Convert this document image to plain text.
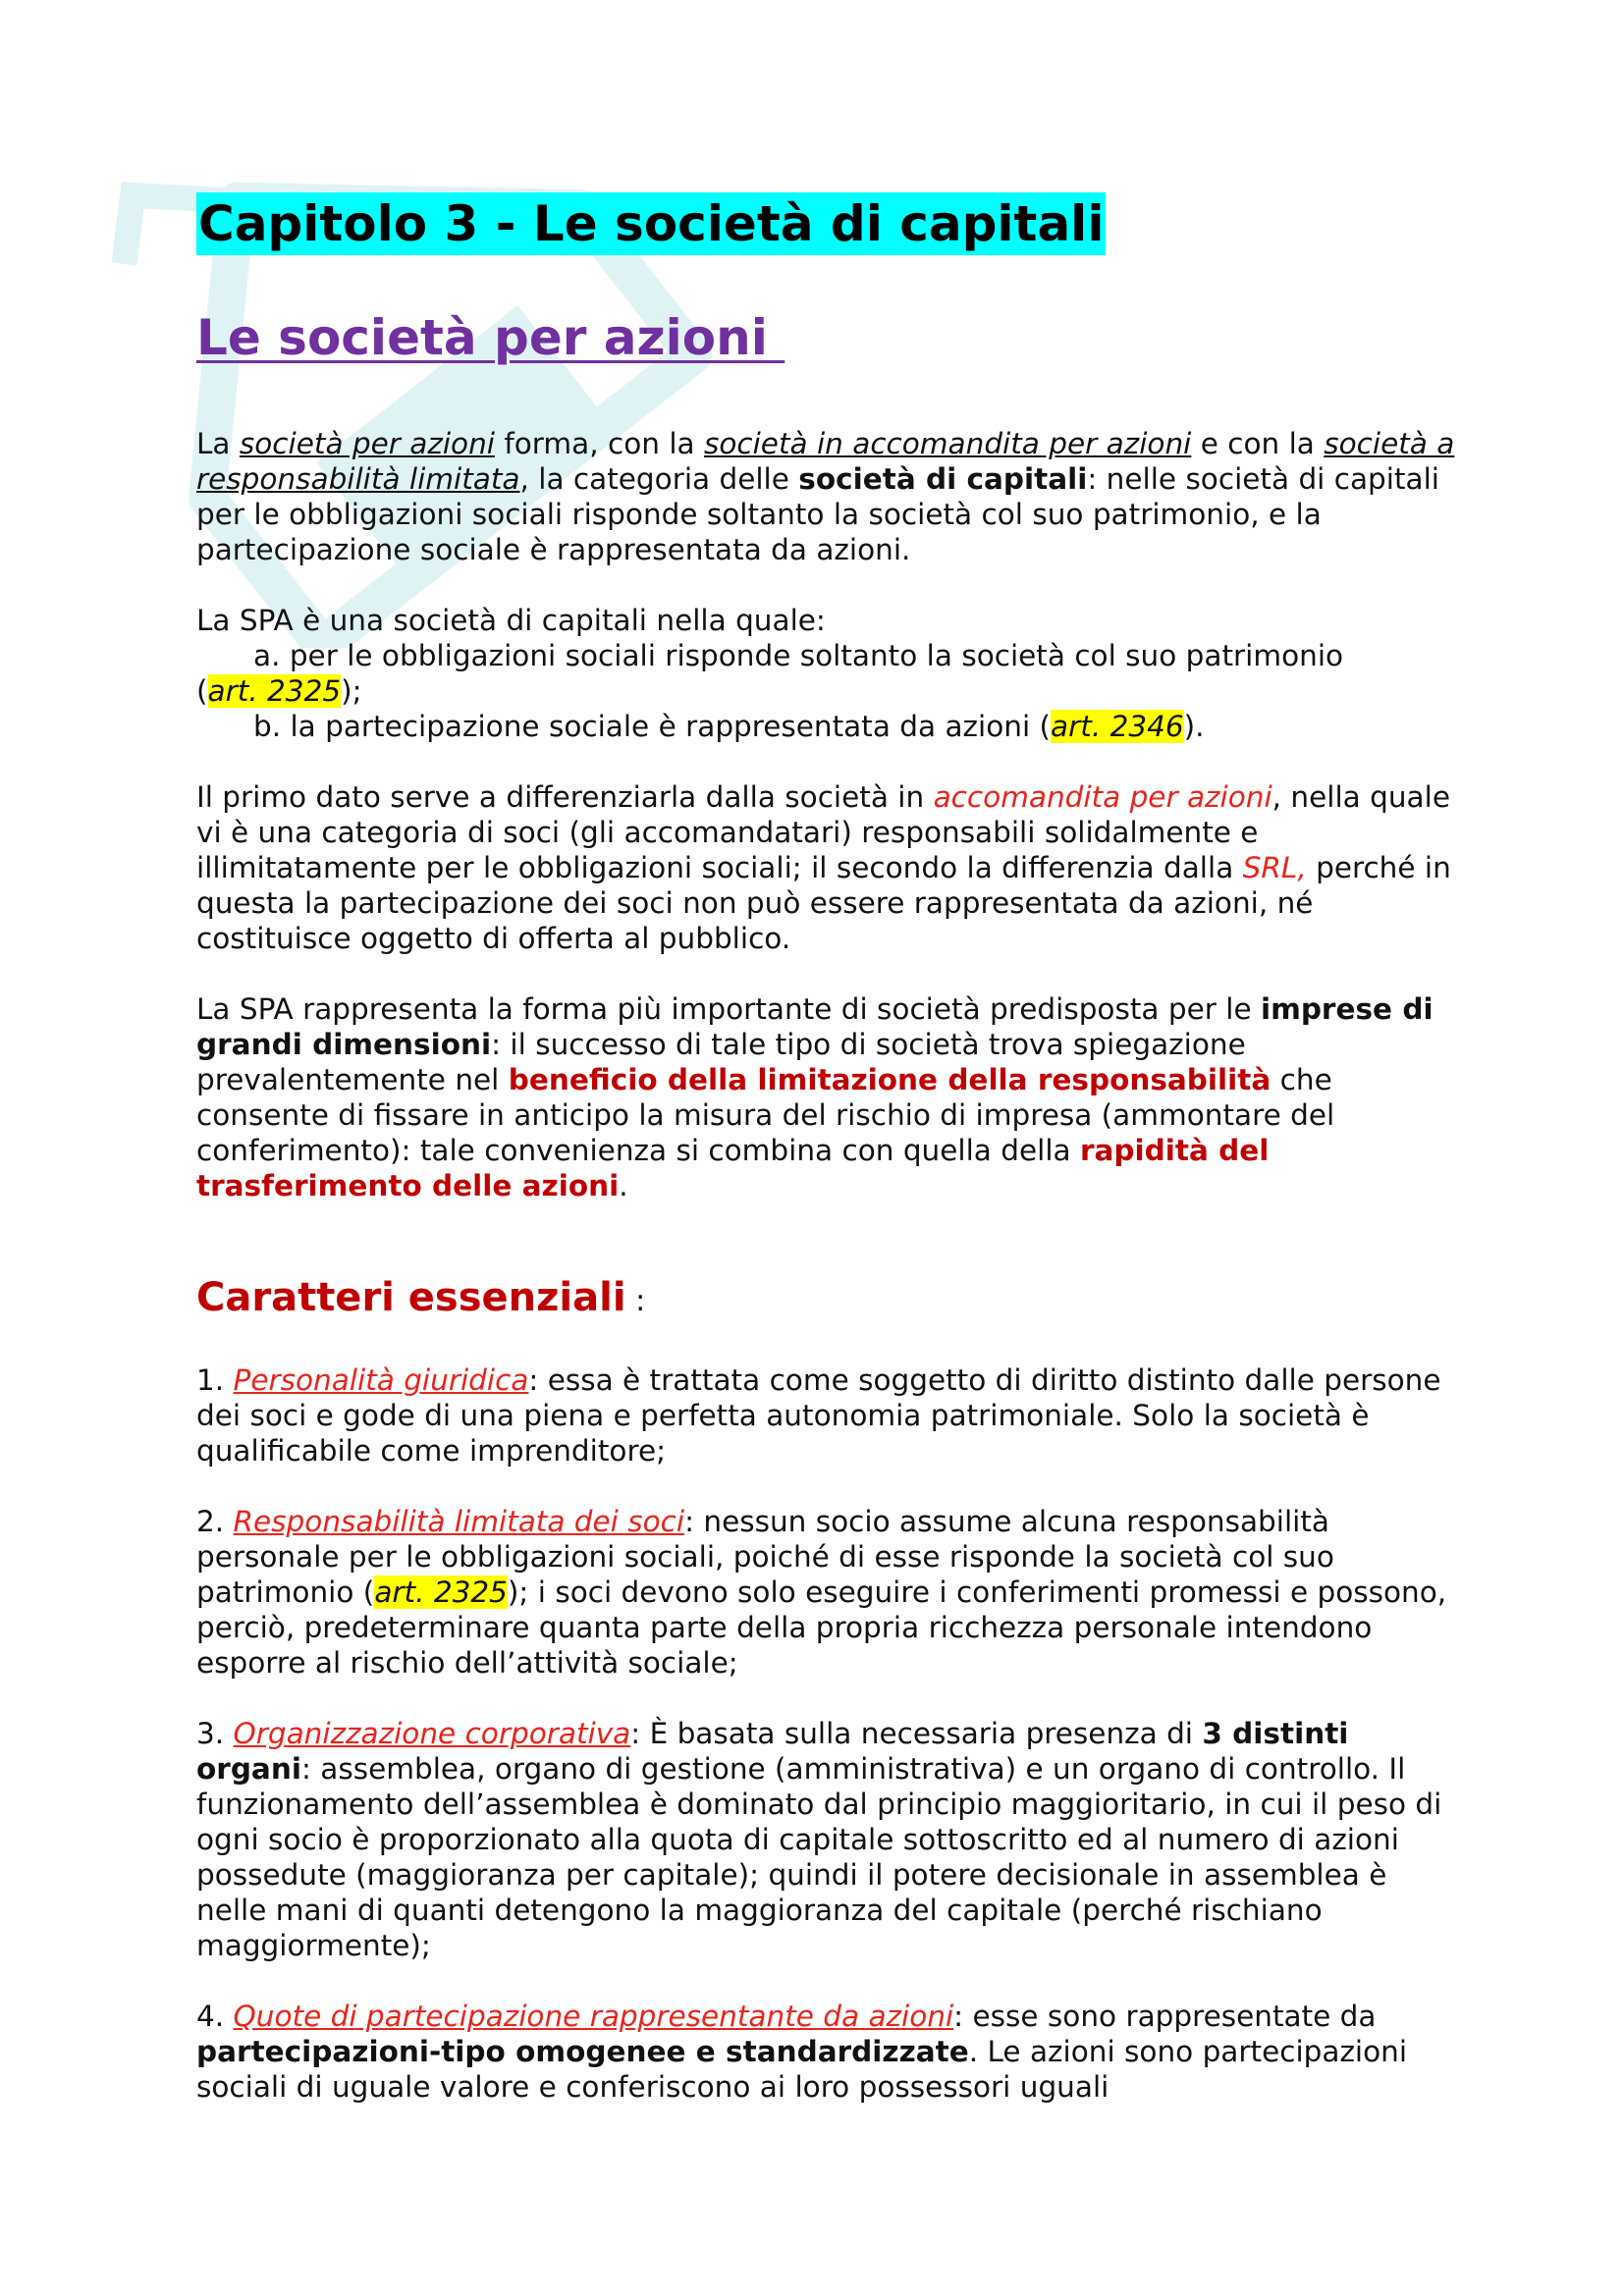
Capitolo 3 - Le società di capitali
Le società per azioni

La società per azioni forma, con la società in accomandita per azioni e con la società a responsabilità limitata, la categoria delle società di capitali: nelle società di capitali per le obbligazioni sociali risponde soltanto la società col suo patrimonio, e la partecipazione sociale è rappresentata da azioni.

La SPA è una società di capitali nella quale:
a. per le obbligazioni sociali risponde soltanto la società col suo patrimonio
(art. 2325);
b. la partecipazione sociale è rappresentata da azioni (art. 2346).

Il primo dato serve a differenziarla dalla società in accomandita per azioni, nella quale vi è una categoria di soci (gli accomandatari) responsabili solidalmente e illimitatamente per le obbligazioni sociali; il secondo la differenzia dalla SRL, perché in questa la partecipazione dei soci non può essere rappresentata da azioni, né costituisce oggetto di offerta al pubblico.

La SPA rappresenta la forma più importante di società predisposta per le imprese di grandi dimensioni: il successo di tale tipo di società trova spiegazione prevalentemente nel beneficio della limitazione della responsabilità che consente di fissare in anticipo la misura del rischio di impresa (ammontare del conferimento): tale convenienza si combina con quella della rapidità del trasferimento delle azioni.

Caratteri essenziali :

1. Personalità giuridica: essa è trattata come soggetto di diritto distinto dalle persone dei soci e gode di una piena e perfetta autonomia patrimoniale. Solo la società è qualificabile come imprenditore;

2. Responsabilità limitata dei soci: nessun socio assume alcuna responsabilità personale per le obbligazioni sociali, poiché di esse risponde la società col suo patrimonio (art. 2325); i soci devono solo eseguire i conferimenti promessi e possono, perciò, predeterminare quanta parte della propria ricchezza personale intendono esporre al rischio dell’attività sociale;

3. Organizzazione corporativa: È basata sulla necessaria presenza di 3 distinti organi: assemblea, organo di gestione (amministrativa) e un organo di controllo. Il funzionamento dell’assemblea è dominato dal principio maggioritario, in cui il peso di ogni socio è proporzionato alla quota di capitale sottoscritto ed al numero di azioni possedute (maggioranza per capitale); quindi il potere decisionale in assemblea è nelle mani di quanti detengono la maggioranza del capitale (perché rischiano maggiormente);

4. Quote di partecipazione rappresentante da azioni: esse sono rappresentate da partecipazioni-tipo omogenee e standardizzate. Le azioni sono partecipazioni sociali di uguale valore e conferiscono ai loro possessori uguali
